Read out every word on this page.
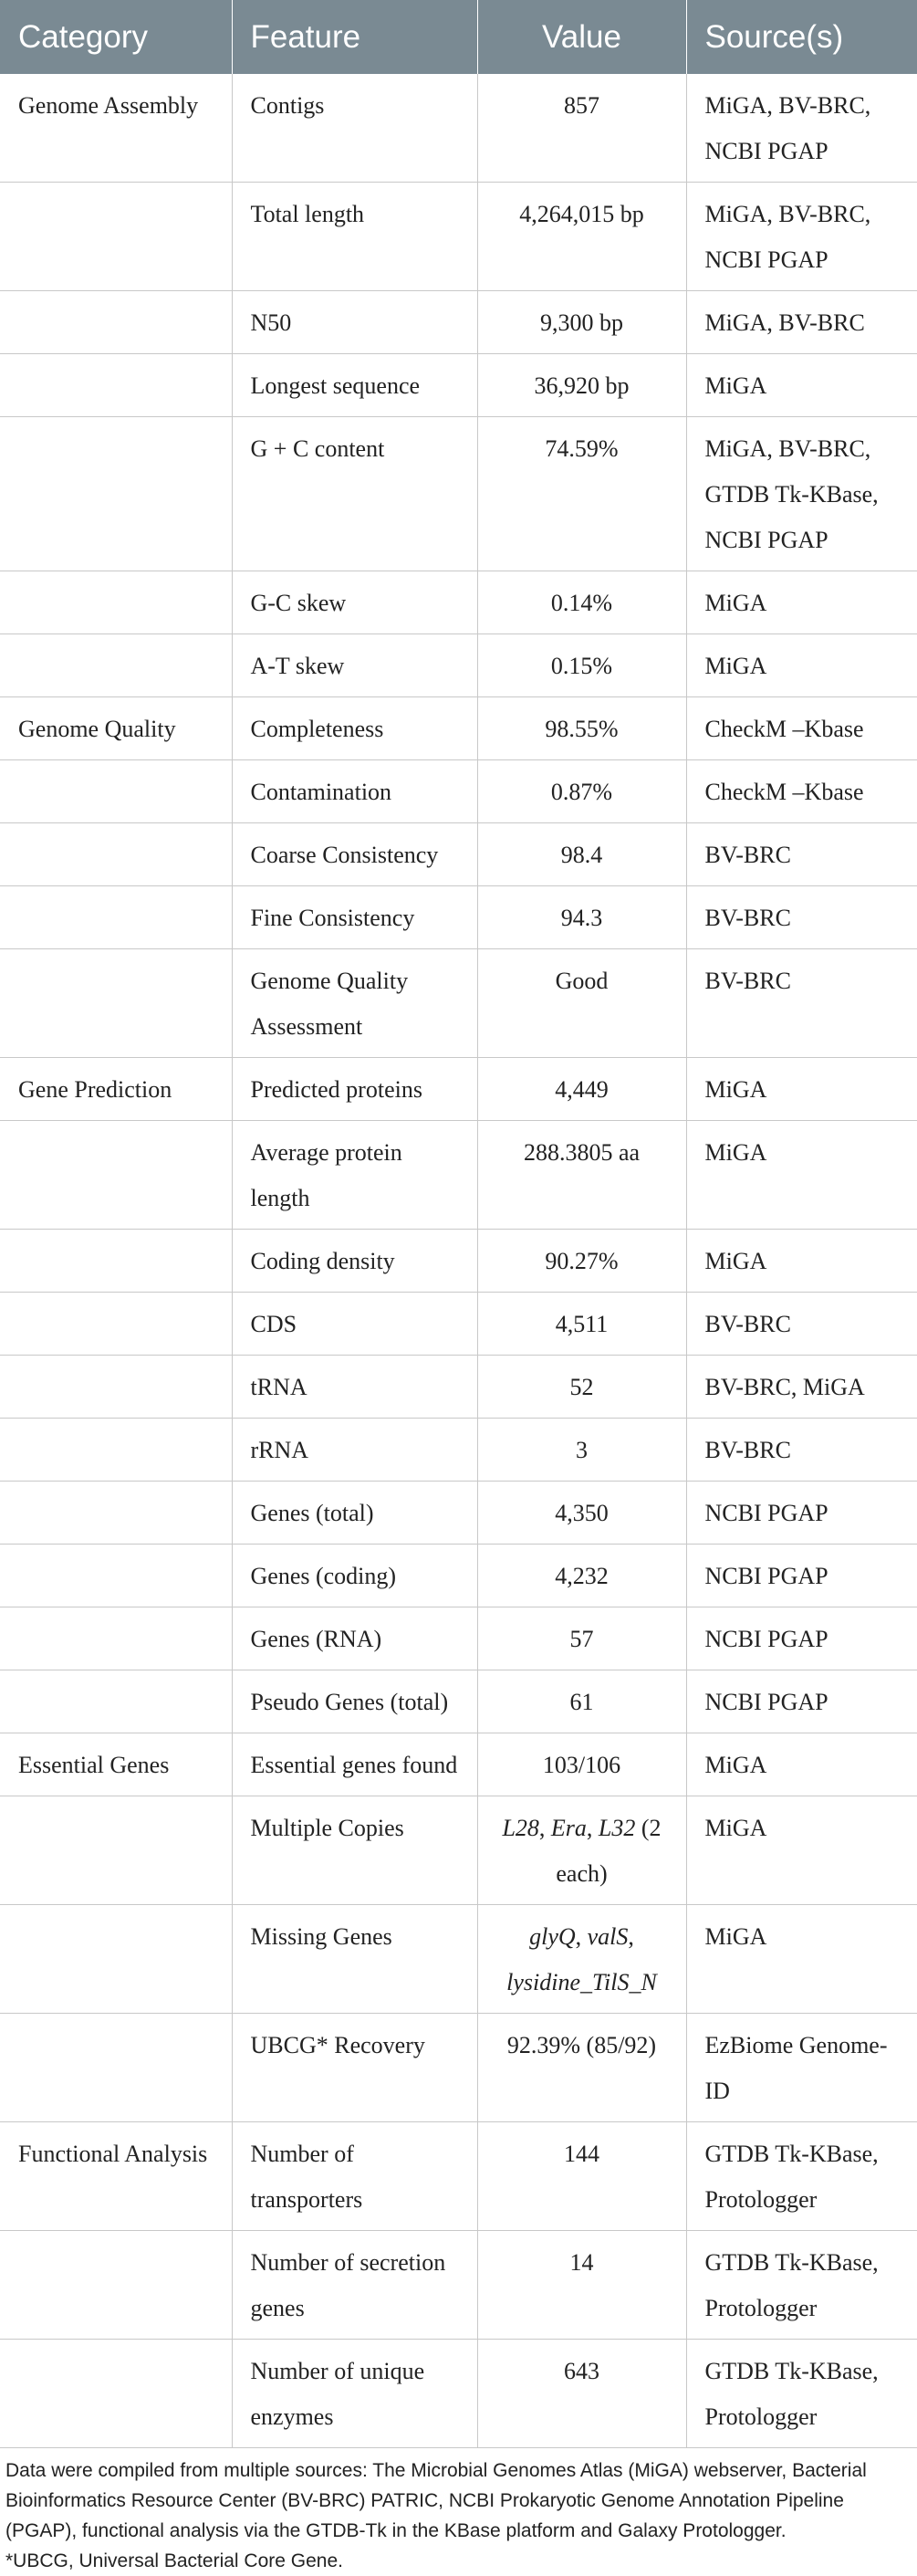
Category	Feature	Value	Source(s)
Genome Assembly	Contigs	857	MiGA, BV-BRC, NCBI PGAP
	Total length	4,264,015 bp	MiGA, BV-BRC, NCBI PGAP
	N50	9,300 bp	MiGA, BV-BRC
	Longest sequence	36,920 bp	MiGA
	G + C content	74.59%	MiGA, BV-BRC, GTDB Tk-KBase, NCBI PGAP
	G-C skew	0.14%	MiGA
	A-T skew	0.15%	MiGA
Genome Quality	Completeness	98.55%	CheckM –Kbase
	Contamination	0.87%	CheckM –Kbase
	Coarse Consistency	98.4	BV-BRC
	Fine Consistency	94.3	BV-BRC
	Genome Quality Assessment	Good	BV-BRC
Gene Prediction	Predicted proteins	4,449	MiGA
	Average protein length	288.3805 aa	MiGA
	Coding density	90.27%	MiGA
	CDS	4,511	BV-BRC
	tRNA	52	BV-BRC, MiGA
	rRNA	3	BV-BRC
	Genes (total)	4,350	NCBI PGAP
	Genes (coding)	4,232	NCBI PGAP
	Genes (RNA)	57	NCBI PGAP
	Pseudo Genes (total)	61	NCBI PGAP
Essential Genes	Essential genes found	103/106	MiGA
	Multiple Copies	L28, Era, L32 (2 each)	MiGA
	Missing Genes	glyQ, valS, lysidine_TilS_N	MiGA
	UBCG* Recovery	92.39% (85/92)	EzBiome Genome-ID
Functional Analysis	Number of transporters	144	GTDB Tk-KBase, Protologger
	Number of secretion genes	14	GTDB Tk-KBase, Protologger
	Number of unique enzymes	643	GTDB Tk-KBase, Protologger

Data were compiled from multiple sources: The Microbial Genomes Atlas (MiGA) webserver, Bacterial Bioinformatics Resource Center (BV-BRC) PATRIC, NCBI Prokaryotic Genome Annotation Pipeline (PGAP), functional analysis via the GTDB-Tk in the KBase platform and Galaxy Protologger.

*UBCG, Universal Bacterial Core Gene.
